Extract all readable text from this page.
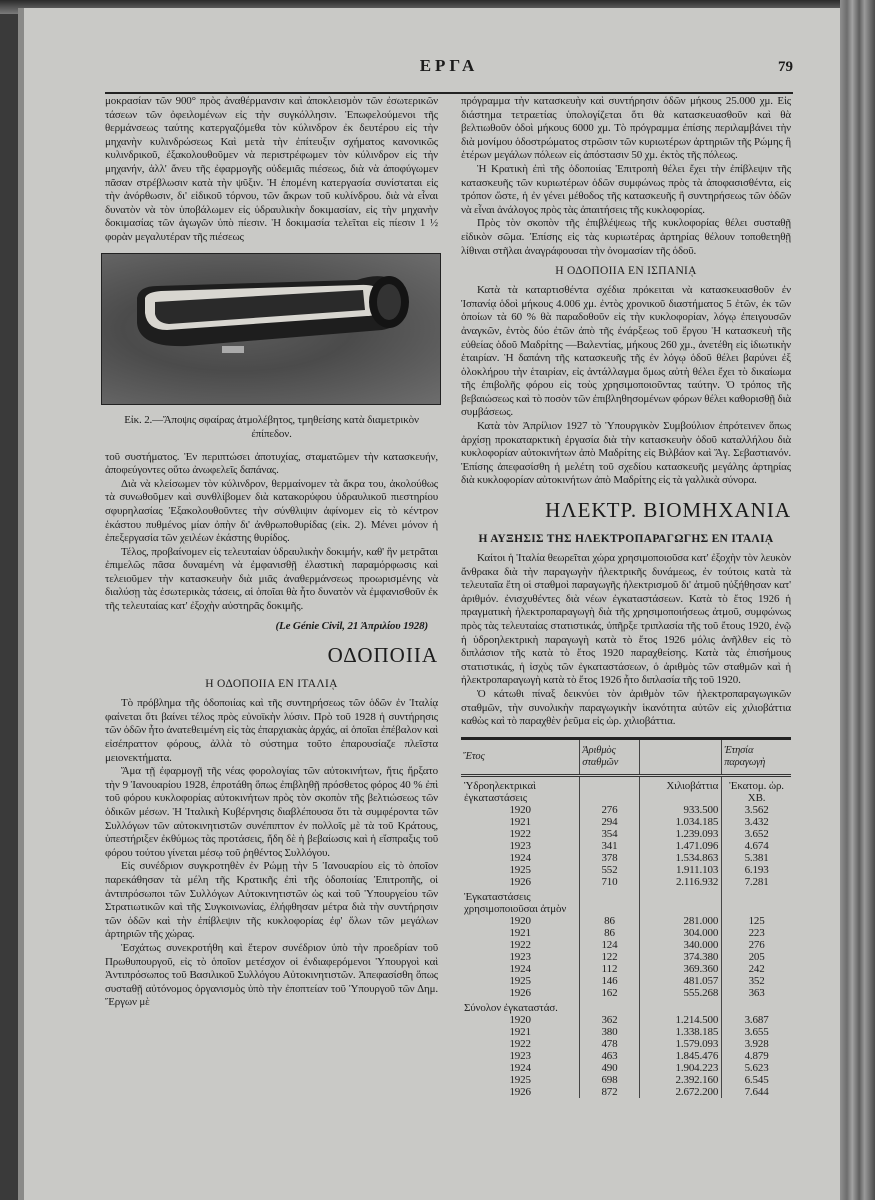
ΕΡΓΑ	79

μοκρασίαν τῶν 900° πρὸς ἀναθέρμανσιν καὶ ἀποκλεισμὸν τῶν ἐσωτερικῶν τάσεων τῶν ὀφειλομένων εἰς τὴν συγκόλλησιν. Ἐπωφελούμενοι τῆς θερμάνσεως ταύτης κατεργαζόμεθα τὸν κύλινδρον ἐκ δευτέρου εἰς τὴν μηχανὴν κυλινδρώσεως Καὶ μετὰ τὴν ἐπίτευξιν σχήματος κανονικῶς κυλινδρικοῦ, ἐξακολουθοῦμεν νὰ περιστρέφωμεν τὸν κύλινδρον εἰς τὴν μηχανήν, ἀλλ' ἄνευ τῆς ἐφαρμογῆς οὐδεμιᾶς πιέσεως, διὰ νὰ ἀποφύγωμεν πᾶσαν στρέβλωσιν κατὰ τὴν ψῦξιν. Ἡ ἑπομένη κατεργασία συνίσταται εἰς τὴν ἀνόρθωσιν, δι' εἰδικοῦ τόρνου, τῶν ἄκρων τοῦ κυλίνδρου. διὰ νὰ εἶναι δυνατὸν νὰ τὸν ὑποβάλωμεν εἰς ὑδραυλικὴν δοκιμασίαν, εἰς τὴν μηχανὴν δοκιμασίας τῶν ἀγωγῶν ὑπὸ πίεσιν. Ἡ δοκιμασία τελεῖται εἰς πίεσιν 1 ½ φορὰν μεγαλυτέραν τῆς πιέσεως

Εἰκ. 2.—Ἄποψις σφαίρας ἀτμολέβητος, τμηθείσης κατὰ διαμετρικὸν ἐπίπεδον.

τοῦ συστήματος. Ἐν περιπτώσει ἀποτυχίας, σταματῶμεν τὴν κατασκευήν, ἀποφεύγοντες οὕτω ἀνωφελεῖς δαπάνας.

Διὰ νὰ κλείσωμεν τὸν κύλινδρον, θερμαίνομεν τὰ ἄκρα του, ἀκολούθως τὰ συνωθοῦμεν καὶ συνθλίβομεν διὰ κατακορύφου ὑδραυλικοῦ πιεστηρίου σφυρηλασίας Ἐξακολουθοῦντες τὴν σύνθλιψιν ἀφίνομεν εἰς τὸ κέντρον ἑκάστου πυθμένος μίαν ὀπὴν δι' ἀνθρωποθυρίδας (εἰκ. 2). Μένει μόνον ἡ ἐπεξεργασία τῶν χειλέων ἑκάστης θυρίδος.

Τέλος, προβαίνομεν εἰς τελευταίαν ὑδραυλικὴν δοκιμήν, καθ' ἣν μετρᾶται ἐπιμελῶς πᾶσα δυναμένη νὰ ἐμφανισθῇ ἐλαστικὴ παραμόρφωσις καὶ τελειοῦμεν τὴν κατασκευὴν διὰ μιᾶς ἀναθερμάνσεως προωρισμένης νὰ διαλύσῃ τὰς ἐσωτερικὰς τάσεις, αἱ ὁποῖαι θὰ ἦτο δυνατὸν νὰ ἐμφανισθοῦν ἐκ τῆς τελευταίας κατ' ἐξοχὴν αὐστηρᾶς δοκιμῆς.

(Le Génie Civil, 21 Ἀπριλίου 1928)
ΟΔΟΠΟΙΙΑ
Η ΟΔΟΠΟΙΙΑ ΕΝ ΙΤΑΛΙᾼ

Τὸ πρόβλημα τῆς ὁδοποιίας καὶ τῆς συντηρήσεως τῶν ὁδῶν ἐν Ἰταλίᾳ φαίνεται ὅτι βαίνει τέλος πρὸς εὐνοϊκὴν λύσιν. Πρὸ τοῦ 1928 ἡ συντήρησις τῶν ὁδῶν ἦτο ἀνατεθειμένη εἰς τὰς ἐπαρχιακὰς ἀρχάς, αἱ ὁποῖαι ἐπέβαλον καὶ εἰσέπραττον φόρους, ἀλλὰ τὸ σύστημα τοῦτο ἐπαρουσίαζε πλεῖστα μειονεκτήματα.

Ἅμα τῇ ἐφαρμογῇ τῆς νέας φορολογίας τῶν αὐτοκινήτων, ἥτις ἤρξατο τὴν 9 Ἰανουαρίου 1928, ἐπροτάθη ὅπως ἐπιβληθῇ πρόσθετος φόρος 40 % ἐπὶ τοῦ φόρου κυκλοφορίας αὐτοκινήτων πρὸς τὸν σκοπὸν τῆς βελτιώσεως τῶν ὁδικῶν μέσων. Ἡ Ἰταλικὴ Κυβέρνησις διαβλέπουσα ὅτι τὰ συμφέροντα τῶν Συλλόγων τῶν αὐτοκινητιστῶν συνέπιπτον ἐν πολλοῖς μὲ τὰ τοῦ Κράτους, ὑπεστήριξεν ἐκθύμως τὰς προτάσεις, ἤδη δὲ ἡ βεβαίωσις καὶ ἡ εἴσπραξις τοῦ φόρου τούτου γίνεται μέσῳ τοῦ ῥηθέντος Συλλόγου.

Εἰς συνέδριον συγκροτηθὲν ἐν Ρώμῃ τὴν 5 Ἰανουαρίου εἰς τὸ ὁποῖον παρεκάθησαν τὰ μέλη τῆς Κρατικῆς ἐπὶ τῆς ὁδοποιίας Ἐπιτροπῆς, οἱ ἀντιπρόσωποι τῶν Συλλόγων Αὐτοκινητιστῶν ὡς καὶ τοῦ Ὑπουργείου τῶν Στρατιωτικῶν καὶ τῆς Συγκοινωνίας, ἐλήφθησαν μέτρα διὰ τὴν συντήρησιν τῶν ὁδῶν καὶ τὴν ἐπίβλεψιν τῆς κυκλοφορίας ἐφ' ὅλων τῶν μεγάλων ἀρτηριῶν τῆς χώρας.

Ἐσχάτως συνεκροτήθη καὶ ἕτερον συνέδριον ὑπὸ τὴν προεδρίαν τοῦ Πρωθυπουργοῦ, εἰς τὸ ὁποῖον μετέσχον οἱ ἐνδιαφερόμενοι Ὑπουργοὶ καὶ Ἀντιπρόσωπος τοῦ Βασιλικοῦ Συλλόγου Αὐτοκινητιστῶν. Ἀπεφασίσθη ὅπως συσταθῇ αὐτόνομος ὀργανισμὸς ὑπὸ τὴν ἐποπτείαν τοῦ Ὑπουργοῦ τῶν Δημ. Ἔργων μὲ

πρόγραμμα τὴν κατασκευὴν καὶ συντήρησιν ὁδῶν μήκους 25.000 χμ. Εἰς διάστημα τετραετίας ὑπολογίζεται ὅτι θὰ κατασκευασθοῦν καὶ θὰ βελτιωθοῦν ὁδοὶ μήκους 6000 χμ. Τὸ πρόγραμμα ἐπίσης περιλαμβάνει τὴν διὰ μονίμου ὁδοστρώματος στρῶσιν τῶν κυριωτέρων ἀρτηριῶν τῆς Ρώμης ἢ ἑτέρων μεγάλων πόλεων εἰς ἀπόστασιν 50 χμ. ἐκτὸς τῆς πόλεως.

Ἡ Κρατικὴ ἐπὶ τῆς ὁδοποιίας Ἐπιτροπὴ θέλει ἔχει τὴν ἐπίβλεψιν τῆς κατασκευῆς τῶν κυριωτέρων ὁδῶν συμφώνως πρὸς τὰ ἀποφασισθέντα, εἰς τρόπον ὥστε, ἡ ἐν γένει μέθοδος τῆς κατασκευῆς ἢ συντηρήσεως τῶν ὁδῶν νὰ εἶναι ἀνάλογος πρὸς τὰς ἀπαιτήσεις τῆς κυκλοφορίας.

Πρὸς τὸν σκοπὸν τῆς ἐπιβλέψεως τῆς κυκλοφορίας θέλει συσταθῇ εἰδικὸν σῶμα. Ἐπίσης εἰς τὰς κυριωτέρας ἀρτηρίας θέλουν τοποθετηθῇ λίθιναι στῆλαι ἀναγράφουσαι τὴν ὀνομασίαν τῆς ὁδοῦ.

Η ΟΔΟΠΟΙΙΑ ΕΝ ΙΣΠΑΝΙᾼ

Κατὰ τὰ καταρτισθέντα σχέδια πρόκειται νὰ κατασκευασθοῦν ἐν Ἰσπανίᾳ ὁδοὶ μήκους 4.006 χμ. ἐντὸς χρονικοῦ διαστήματος 5 ἐτῶν, ἐκ τῶν ὁποίων τὰ 60 % θὰ παραδοθοῦν εἰς τὴν κυκλοφορίαν, λόγῳ ἐπειγουσῶν ἀναγκῶν, ἐντὸς δύο ἐτῶν ἀπὸ τῆς ἐνάρξεως τοῦ ἔργου Ἡ κατασκευὴ τῆς εὐθείας ὁδοῦ Μαδρίτης —Βαλεντίας, μήκους 260 χμ., ἀνετέθη εἰς ἰδιωτικὴν ἑταιρίαν. Ἡ δαπάνη τῆς κατασκευῆς τῆς ἐν λόγῳ ὁδοῦ θέλει βαρύνει ἐξ ὁλοκλήρου τὴν ἑταιρίαν, εἰς ἀντάλλαγμα ὅμως αὐτὴ θέλει ἔχει τὸ δικαίωμα τῆς ἐπιβολῆς φόρου εἰς τοὺς χρησιμοποιοῦντας ταύτην. Ὁ τρόπος τῆς βεβαιώσεως καὶ τὸ ποσὸν τῶν ἐπιβληθησομένων φόρων θέλει καθορισθῇ διὰ συμβάσεως.

Κατὰ τὸν Ἀπρίλιον 1927 τὸ Ὑπουργικὸν Συμβούλιον ἐπρότεινεν ὅπως ἀρχίσῃ προκαταρκτικὴ ἐργασία διὰ τὴν κατασκευὴν ὁδοῦ καταλλήλου διὰ κυκλοφορίαν αὐτοκινήτων ἀπὸ Μαδρίτης εἰς Βιλβάον καὶ Ἅγ. Σεβαστιανόν. Ἐπίσης ἀπεφασίσθη ἡ μελέτη τοῦ σχεδίου κατασκευῆς μεγάλης ἀρτηρίας διὰ κυκλοφορίαν αὐτοκινήτων ἀπὸ Μαδρίτης εἰς τὰ γαλλικὰ σύνορα.

ΗΛΕΚΤΡ. ΒΙΟΜΗΧΑΝΙΑ
Η ΑΥΞΗΣΙΣ ΤΗΣ ΗΛΕΚΤΡΟΠΑΡΑΓΩΓΗΣ ΕΝ ΙΤΑΛΙᾼ

Καίτοι ἡ Ἰταλία θεωρεῖται χώρα χρησιμοποιοῦσα κατ' ἐξοχὴν τὸν λευκὸν ἄνθρακα διὰ τὴν παραγωγὴν ἠλεκτρικῆς δυνάμεως, ἐν τούτοις κατὰ τὰ τελευταῖα ἔτη οἱ σταθμοὶ παραγωγῆς ἠλεκτρισμοῦ δι' ἀτμοῦ ηὐξήθησαν κατ' ἀριθμόν. ἐνισχυθέντες διὰ νέων ἐγκαταστάσεων. Κατὰ τὸ ἔτος 1926 ἡ πραγματικὴ ἠλεκτροπαραγωγὴ διὰ τῆς χρησιμοποιήσεως ἀτμοῦ, συμφώνως πρὸς τὰς τελευταίας στατιστικάς, ὑπῆρξε τριπλασία τῆς τοῦ ἔτους 1920, ἐνῷ ἡ ὑδροηλεκτρικὴ παραγωγὴ κατὰ τὸ ἔτος 1926 μόλις ἀνῆλθεν εἰς τὸ διπλάσιον τῆς κατὰ τὸ ἔτος 1920 παραχθείσης. Κατὰ τὰς ἐπισήμους στατιστικάς, ἡ ἰσχὺς τῶν ἐγκαταστάσεων, ὁ ἀριθμὸς τῶν σταθμῶν καὶ ἡ ἠλεκτροπαραγωγὴ κατὰ τὸ ἔτος 1926 ἦτο διπλασία τῆς τοῦ 1920.

Ὁ κάτωθι πίναξ δεικνύει τὸν ἀριθμὸν τῶν ἠλεκτροπαραγωγικῶν σταθμῶν, τὴν συνολικὴν παραγωγικὴν ἱκανότητα αὐτῶν εἰς χιλιοβάττια καθὼς καὶ τὸ παραχθὲν ῥεῦμα εἰς ὡρ. χιλιοβάττια.

Ἔτος	Ἀριθμὸς σταθμῶν		Ἐτησία παραγωγὴ
Ὑδροηλεκτρικαὶ ἐγκαταστάσεις		Χιλιοβάττια	Ἑκατομ. ὡρ. ΧΒ.
1920	276	933.500	3.562
1921	294	1.034.185	3.432
1922	354	1.239.093	3.652
1923	341	1.471.096	4.674
1924	378	1.534.863	5.381
1925	552	1.911.103	6.193
1926	710	2.116.932	7.281
Ἐγκαταστάσεις χρησιμοποιοῦσαι ἀτμὸν			
1920	86	281.000	125
1921	86	304.000	223
1922	124	340.000	276
1923	122	374.380	205
1924	112	369.360	242
1925	146	481.057	352
1926	162	555.268	363
Σύνολον ἐγκαταστάσ.			
1920	362	1.214.500	3.687
1921	380	1.338.185	3.655
1922	478	1.579.093	3.928
1923	463	1.845.476	4.879
1924	490	1.904.223	5.623
1925	698	2.392.160	6.545
1926	872	2.672.200	7.644
